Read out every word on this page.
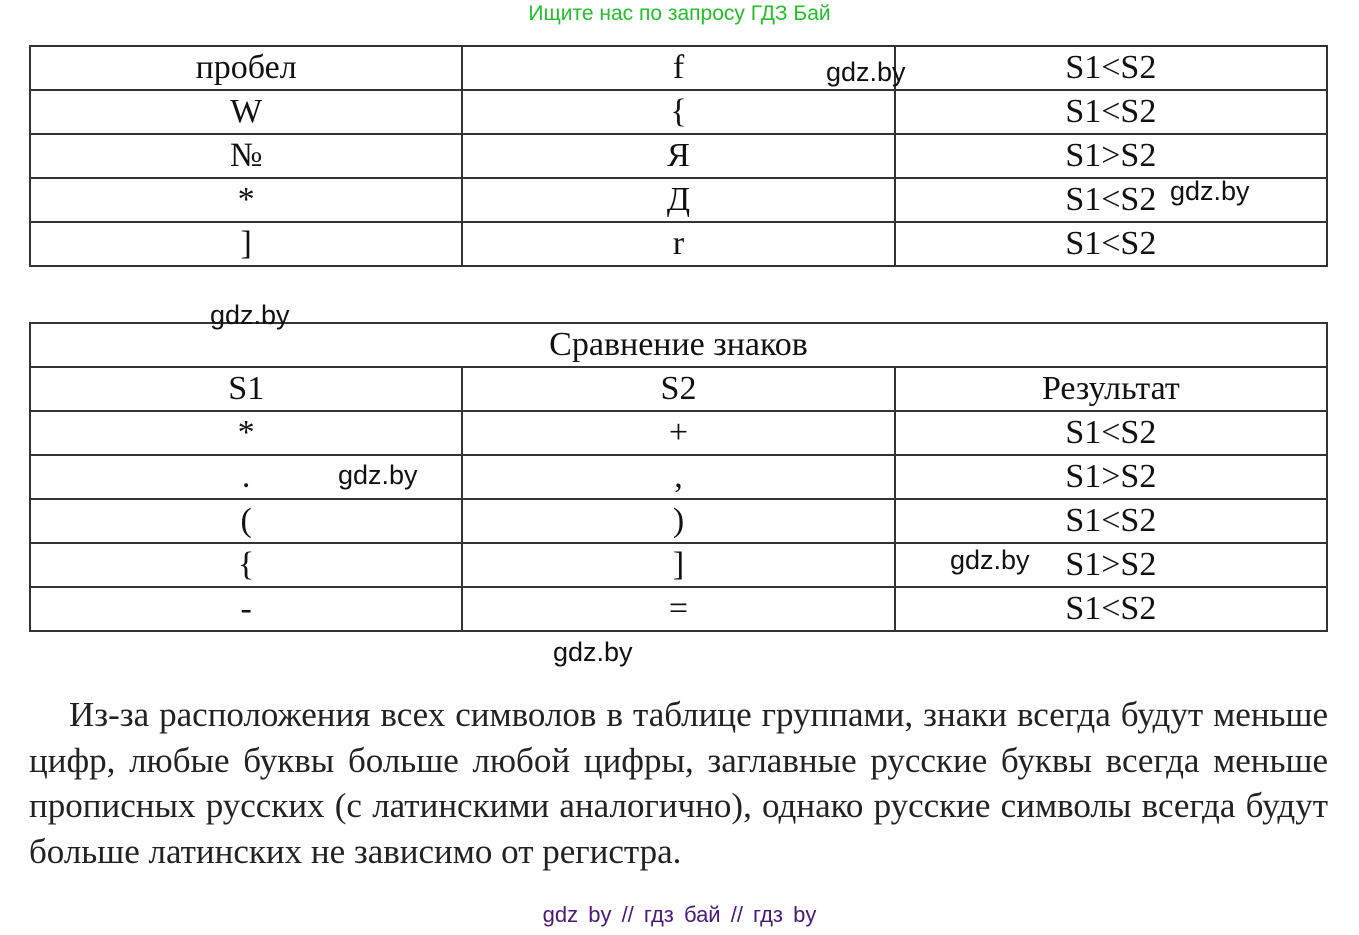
Ищите нас по запросу ГДЗ Бай
пробел	f	S1<S2
W	{	S1<S2
№	Я	S1>S2
*	Д	S1<S2
]	r	S1<S2
Сравнение знаков		
S1	S2	Результат
*	+	S1<S2
.	,	S1>S2
(	)	S1<S2
{	]	S1>S2
-	=	S1<S2
gdz.by
gdz.by
gdz.by
gdz.by
gdz.by
gdz.by

Из-за расположения всех символов в таблице группами, знаки всегда будут меньше цифр, любые буквы больше любой цифры, заглавные русские буквы всегда меньше прописных русских (с латинскими аналогично), однако русские символы всегда будут больше латинских не зависимо от регистра.

gdz by // гдз бай // гдз by
